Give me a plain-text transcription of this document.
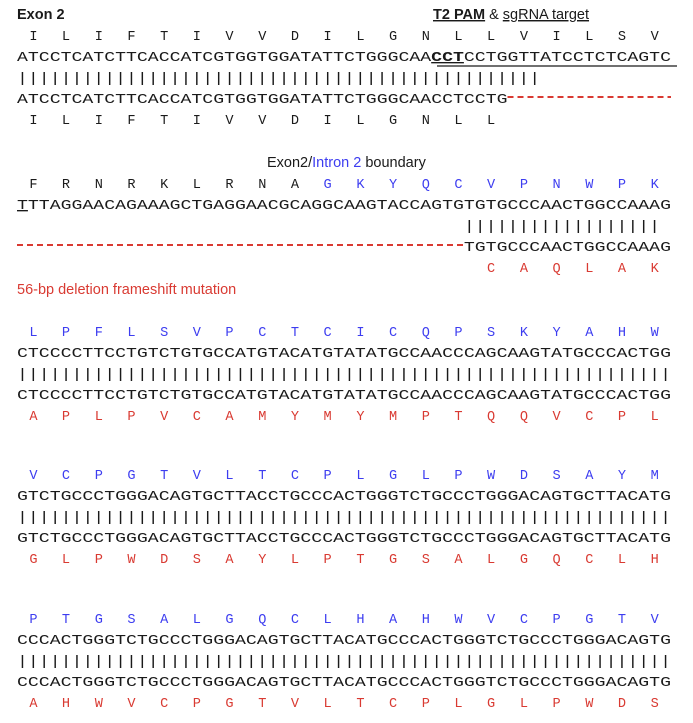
Exon 2	T2 PAM & sgRNA target
I L I F T I V V D I L G N L L V I L S V
ATCCTCATCTTCACCATCGTGGTGGATATTCTGGGCAA	CCT CCTGGTTATCCTCTCAGTC
||||||||||||||||||||||||||||||||||||||||||||||||
ATCCTCATCTTCACCATCGTGGTGGATATTCTGGGCAACCTCCTG
I L I F T I V V D I L G N L L
Exon2/Intron 2 boundary
F R N R K L R N A G K Y Q C V P N W P K
T TTAGGAACAGAAAGCTGAGGAACGCAGGCAAGTACCAGTGTGTGCCCAACTGGCCAAAG
||||||||||||||||||
TGTGCCCAACTGGCCAAAG
C A Q L A K
56-bp deletion frameshift mutation
L P F L S V P C T C I C Q P S K Y A H W
CTCCCCTTCCTGTCTGTGCCATGTACATGTATATGCCAACCCAGCAAGTATGCCCACTGG
||||||||||||||||||||||||||||||||||||||||||||||||||||||||||||
CTCCCCTTCCTGTCTGTGCCATGTACATGTATATGCCAACCCAGCAAGTATGCCCACTGG
A P L P V C A M Y M Y M P T Q Q V C P L
V C P G T V L T C P L G L P W D S A Y M
GTCTGCCCTGGGACAGTGCTTACCTGCCCACTGGGTCTGCCCTGGGACAGTGCTTACATG
||||||||||||||||||||||||||||||||||||||||||||||||||||||||||||
GTCTGCCCTGGGACAGTGCTTACCTGCCCACTGGGTCTGCCCTGGGACAGTGCTTACATG
G L P W D S A Y L P T G S A L G Q C L H
P T G S A L G Q C L H A H W V C P G T V
CCCACTGGGTCTGCCCTGGGACAGTGCTTACATGCCCACTGGGTCTGCCCTGGGACAGTG
||||||||||||||||||||||||||||||||||||||||||||||||||||||||||||
CCCACTGGGTCTGCCCTGGGACAGTGCTTACATGCCCACTGGGTCTGCCCTGGGACAGTG
A H W V C P G T V L T C P L G L P W D S
